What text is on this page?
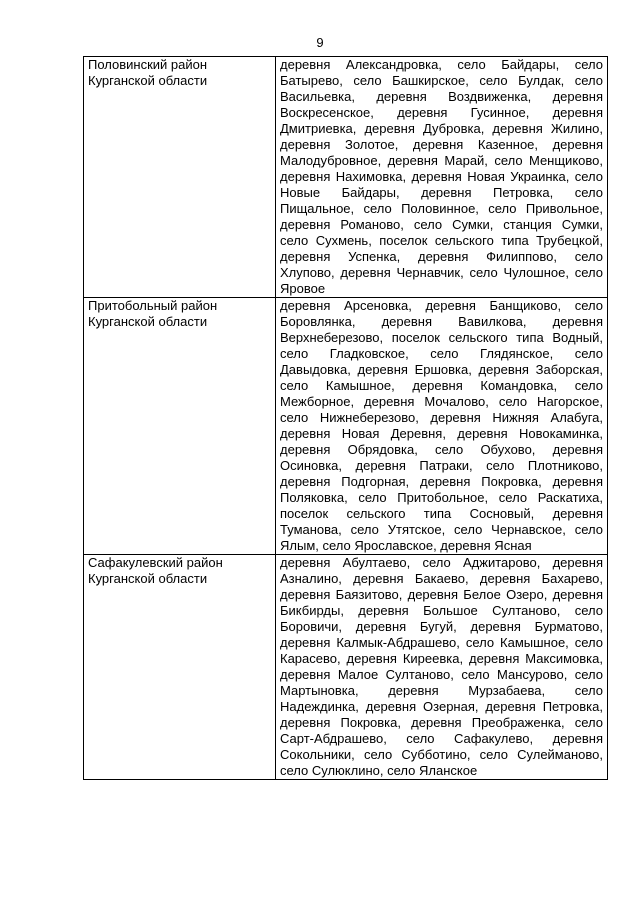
9
Половинский район
Курганской области	деревня Александровка, село Байдары, село Батырево, село Башкирское, село Булдак, село Васильевка, деревня Воздвиженка, деревня Воскресенское, деревня Гусинное, деревня Дмитриевка, деревня Дубровка, деревня Жилино, деревня Золотое, деревня Казенное, деревня Малодубровное, деревня Марай, село Менщиково, деревня Нахимовка, деревня Новая Украинка, село Новые Байдары, деревня Петровка, село Пищальное, село Половинное, село Привольное, деревня Романово, село Сумки, станция Сумки, село Сухмень, поселок сельского типа Трубецкой, деревня Успенка, деревня Филиппово, село Хлупово, деревня Чернавчик, село Чулошное, село Яровое

Притобольный район
Курганской области	деревня Арсеновка, деревня Банщиково, село Боровлянка, деревня Вавилкова, деревня Верхнеберезово, поселок сельского типа Водный, село Гладковское, село Глядянское, село Давыдовка, деревня Ершовка, деревня Заборская, село Камышное, деревня Командовка, село Межборное, деревня Мочалово, село Нагорское, село Нижнеберезово, деревня Нижняя Алабуга, деревня Новая Деревня, деревня Новокаминка, деревня Обрядовка, село Обухово, деревня Осиновка, деревня Патраки, село Плотниково, деревня Подгорная, деревня Покровка, деревня Поляковка, село Притобольное, село Раскатиха, поселок сельского типа Сосновый, деревня Туманова, село Утятское, село Чернавское, село Ялым, село Ярославское, деревня Ясная

Сафакулевский район
Курганской области	деревня Абултаево, село Аджитарово, деревня Азналино, деревня Бакаево, деревня Бахарево, деревня Баязитово, деревня Белое Озеро, деревня Бикбирды, деревня Большое Султаново, село Боровичи, деревня Бугуй, деревня Бурматово, деревня Калмык-Абдрашево, село Камышное, село Карасево, деревня Киреевка, деревня Максимовка, деревня Малое Султаново, село Мансурово, село Мартыновка, деревня Мурзабаева, село Надеждинка, деревня Озерная, деревня Петровка, деревня Покровка, деревня Преображенка, село Сарт-Абдрашево, село Сафакулево, деревня Сокольники, село Субботино, село Сулейманово, село Сулюклино, село Яланское
